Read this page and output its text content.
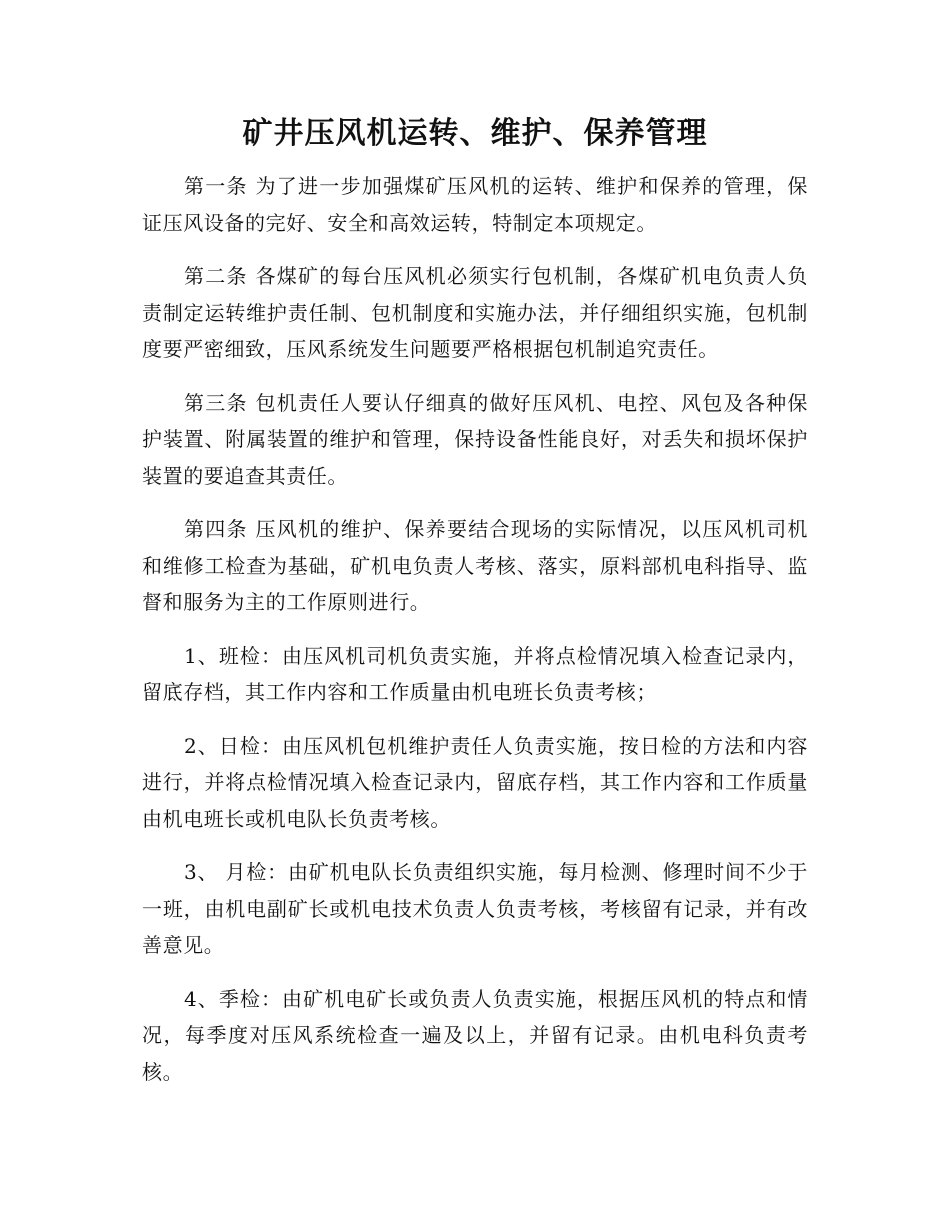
矿井压风机运转、维护、保养管理

第一条 为了进一步加强煤矿压风机的运转、维护和保养的管理，保证压风设备的完好、安全和高效运转，特制定本项规定。

第二条 各煤矿的每台压风机必须实行包机制，各煤矿机电负责人负责制定运转维护责任制、包机制度和实施办法，并仔细组织实施，包机制度要严密细致，压风系统发生问题要严格根据包机制追究责任。

第三条 包机责任人要认仔细真的做好压风机、电控、风包及各种保护装置、附属装置的维护和管理，保持设备性能良好，对丢失和损坏保护装置的要追查其责任。

第四条 压风机的维护、保养要结合现场的实际情况，以压风机司机和维修工检查为基础，矿机电负责人考核、落实，原料部机电科指导、监督和服务为主的工作原则进行。

1、班检：由压风机司机负责实施，并将点检情况填入检查记录内，留底存档，其工作内容和工作质量由机电班长负责考核；

2、日检：由压风机包机维护责任人负责实施，按日检的方法和内容进行，并将点检情况填入检查记录内，留底存档，其工作内容和工作质量由机电班长或机电队长负责考核。

3、 月检：由矿机电队长负责组织实施，每月检测、修理时间不少于一班，由机电副矿长或机电技术负责人负责考核，考核留有记录，并有改善意见。

4、季检：由矿机电矿长或负责人负责实施，根据压风机的特点和情况，每季度对压风系统检查一遍及以上，并留有记录。由机电科负责考核。
